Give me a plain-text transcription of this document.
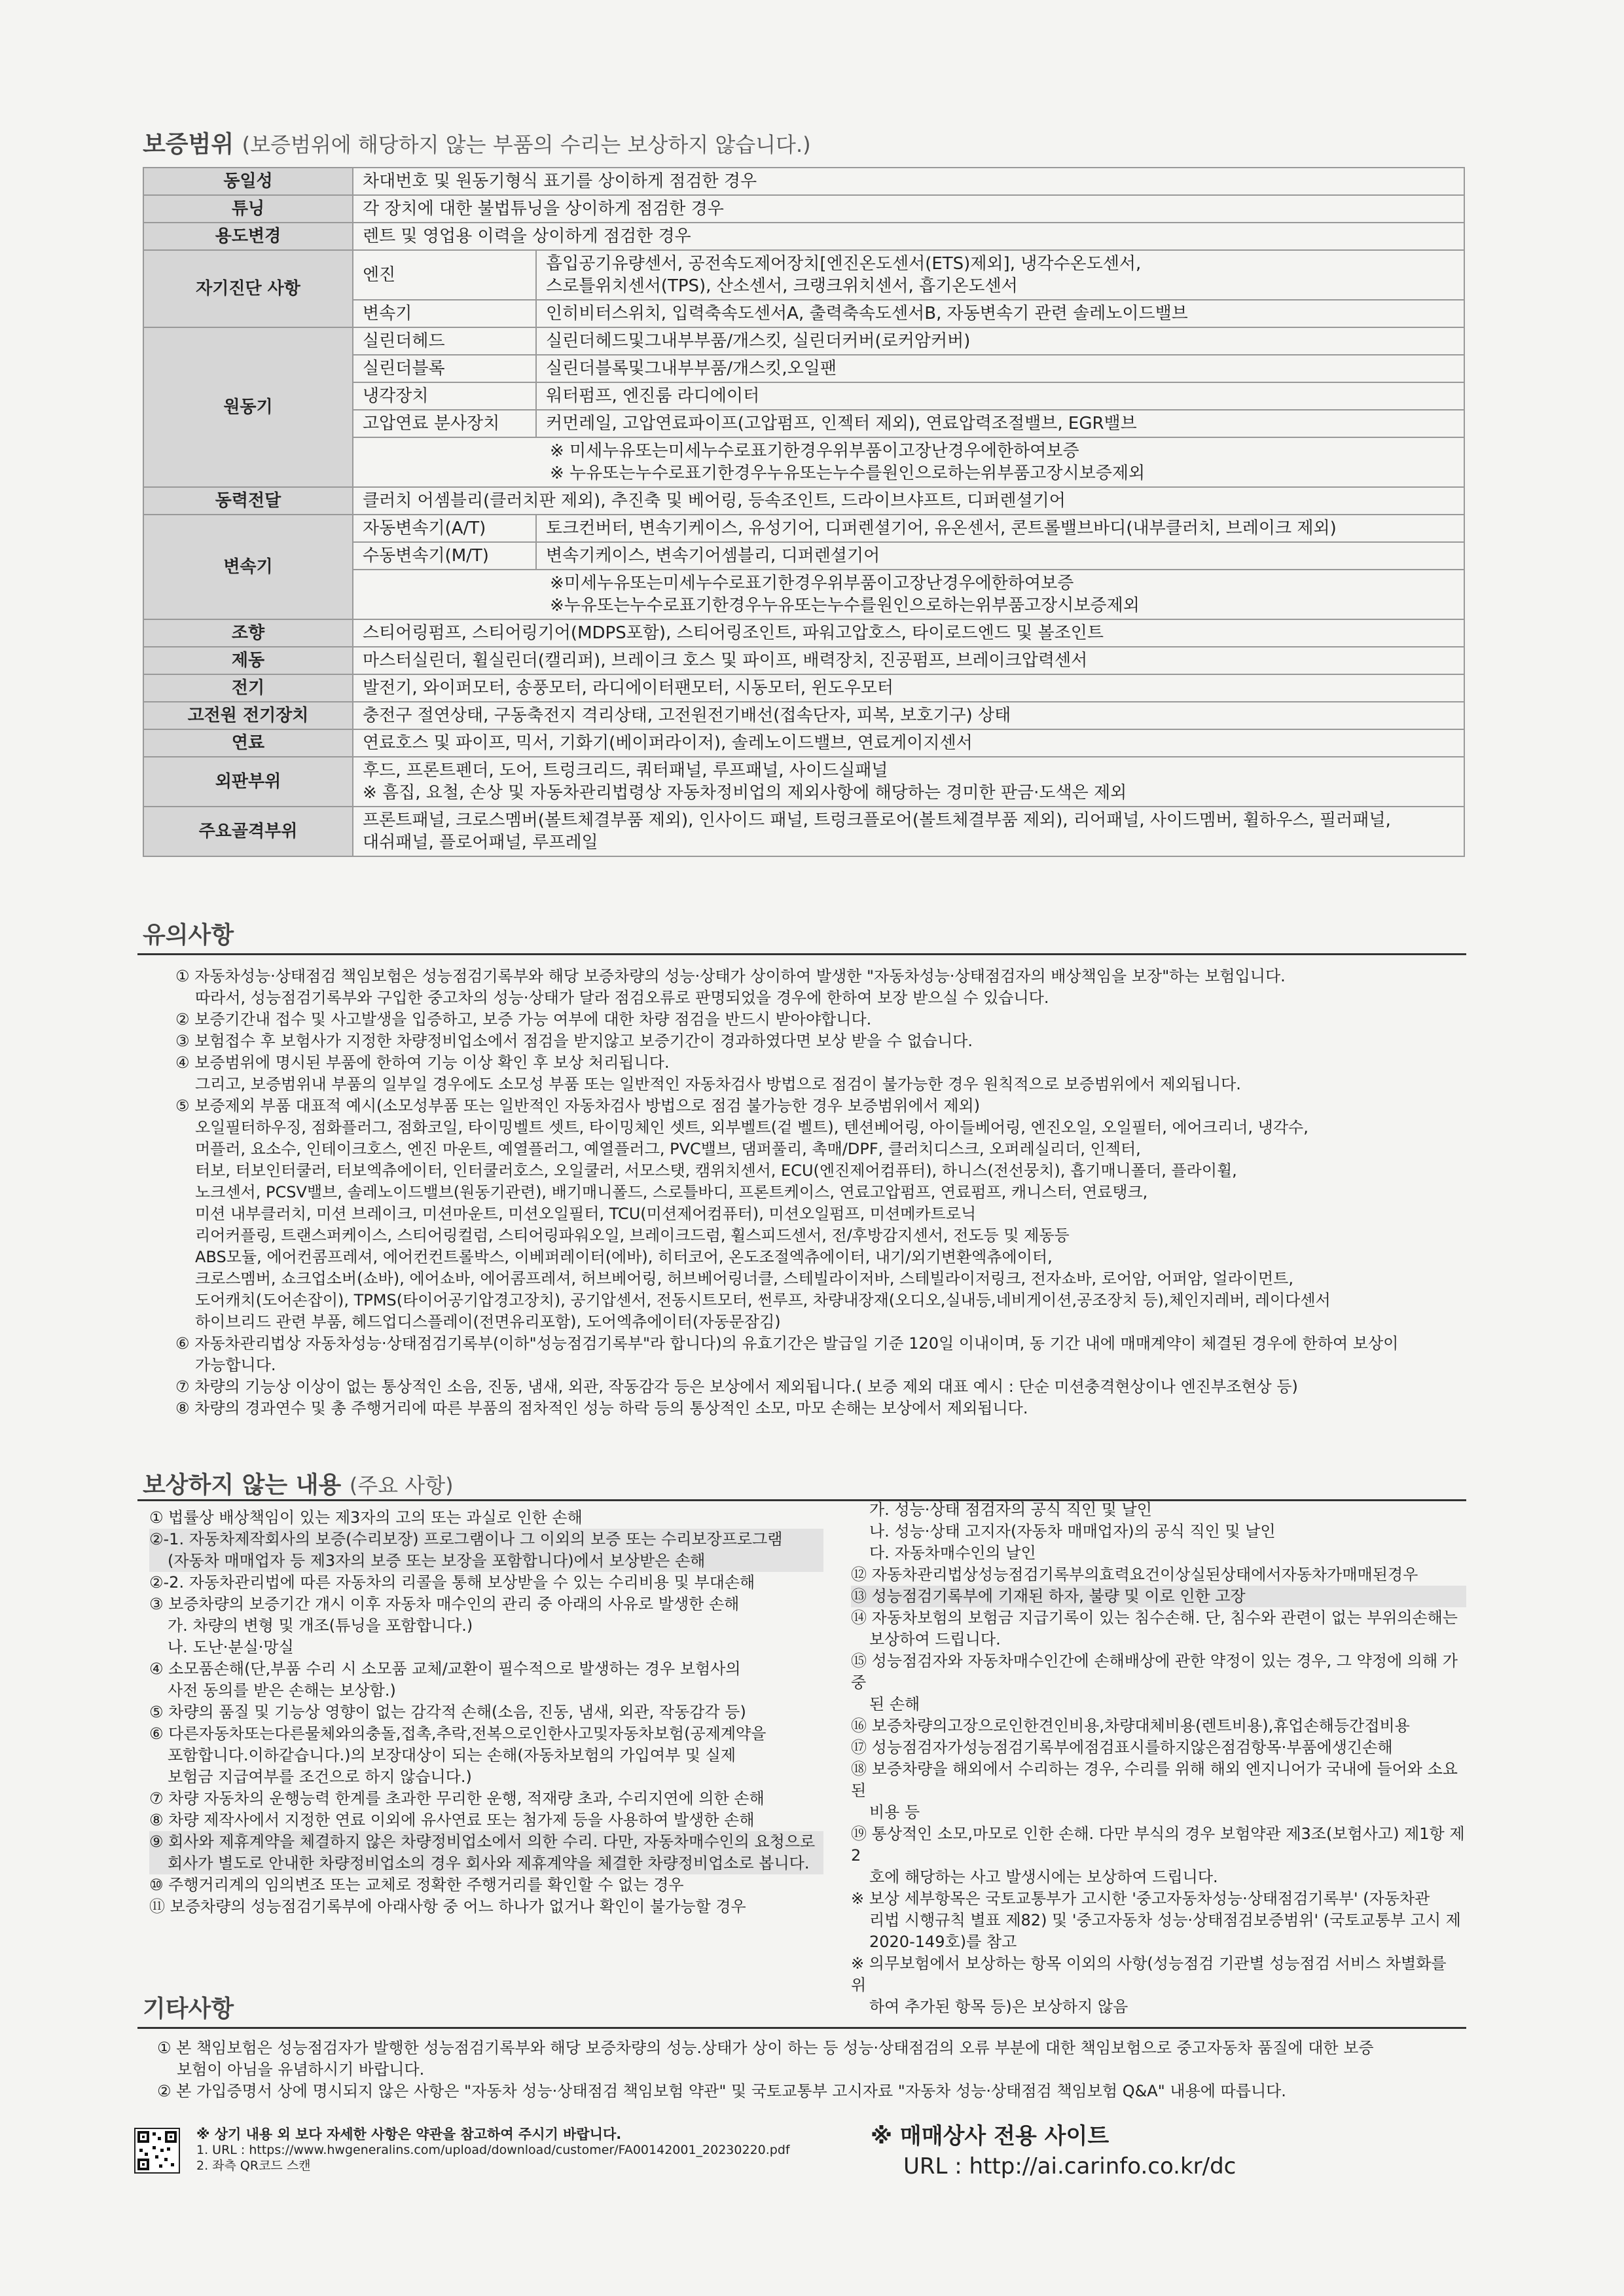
보증범위 (보증범위에 해당하지 않는 부품의 수리는 보상하지 않습니다.)
동일성	차대번호 및 원동기형식 표기를 상이하게 점검한 경우	
튜닝	각 장치에 대한 불법튜닝을 상이하게 점검한 경우	
용도변경	렌트 및 영업용 이력을 상이하게 점검한 경우	
자기진단 사항	엔진	흡입공기유량센서, 공전속도제어장치[엔진온도센서(ETS)제외], 냉각수온도센서,
스로틀위치센서(TPS), 산소센서, 크랭크위치센서, 흡기온도센서

	변속기	인히비터스위치, 입력축속도센서A, 출력축속도센서B, 자동변속기 관련 솔레노이드밸브
원동기	실린더헤드	실린더헤드및그내부부품/개스킷, 실린더커버(로커암커버)
	실린더블록	실린더블록및그내부부품/개스킷,오일팬
	냉각장치	워터펌프, 엔진룸 라디에이터
	고압연료 분사장치	커먼레일, 고압연료파이프(고압펌프, 인젝터 제외), 연료압력조절밸브, EGR밸브

	※ 미세누유또는미세누수로표기한경우위부품이고장난경우에한하여보증
※ 누유또는누수로표기한경우누유또는누수를원인으로하는위부품고장시보증제외	

동력전달	클러치 어셈블리(클러치판 제외), 추진축 및 베어링, 등속조인트, 드라이브샤프트, 디퍼렌셜기어	
변속기	자동변속기(A/T)	토크컨버터, 변속기케이스, 유성기어, 디퍼렌셜기어, 유온센서, 콘트롤밸브바디(내부클러치, 브레이크 제외)
	수동변속기(M/T)	변속기케이스, 변속기어셈블리, 디퍼렌셜기어

	※미세누유또는미세누수로표기한경우위부품이고장난경우에한하여보증
※누유또는누수로표기한경우누유또는누수를원인으로하는위부품고장시보증제외	

조향	스티어링펌프, 스티어링기어(MDPS포함), 스티어링조인트, 파워고압호스, 타이로드엔드 및 볼조인트	
제동	마스터실린더, 휠실린더(캘리퍼), 브레이크 호스 및 파이프, 배력장치, 진공펌프, 브레이크압력센서	
전기	발전기, 와이퍼모터, 송풍모터, 라디에이터팬모터, 시동모터, 윈도우모터	
고전원 전기장치	충전구 절연상태, 구동축전지 격리상태, 고전원전기배선(접속단자, 피복, 보호기구) 상태	
연료	연료호스 및 파이프, 믹서, 기화기(베이퍼라이저), 솔레노이드밸브, 연료게이지센서	
외판부위	후드, 프론트펜더, 도어, 트렁크리드, 쿼터패널, 루프패널, 사이드실패널
※ 흠집, 요철, 손상 및 자동차관리법령상 자동차정비업의 제외사항에 해당하는 경미한 판금·도색은 제외	

주요골격부위	프론트패널, 크로스멤버(볼트체결부품 제외), 인사이드 패널, 트렁크플로어(볼트체결부품 제외), 리어패널, 사이드멤버, 휠하우스, 필러패널,
대쉬패널, 플로어패널, 루프레일	
유의사항

① 자동차성능·상태점검 책임보험은 성능점검기록부와 해당 보증차량의 성능·상태가 상이하여 발생한 "자동차성능·상태점검자의 배상책임을 보장"하는 보험입니다.

따라서, 성능점검기록부와 구입한 중고차의 성능·상태가 달라 점검오류로 판명되었을 경우에 한하여 보장 받으실 수 있습니다.

② 보증기간내 접수 및 사고발생을 입증하고, 보증 가능 여부에 대한 차량 점검을 반드시 받아야합니다.

③ 보험접수 후 보험사가 지정한 차량정비업소에서 점검을 받지않고 보증기간이 경과하였다면 보상 받을 수 없습니다.

④ 보증범위에 명시된 부품에 한하여 기능 이상 확인 후 보상 처리됩니다.

그리고, 보증범위내 부품의 일부일 경우에도 소모성 부품 또는 일반적인 자동차검사 방법으로 점검이 불가능한 경우 원칙적으로 보증범위에서 제외됩니다.

⑤ 보증제외 부품 대표적 예시(소모성부품 또는 일반적인 자동차검사 방법으로 점검 불가능한 경우 보증범위에서 제외)

오일필터하우징, 점화플러그, 점화코일, 타이밍벨트 셋트, 타이밍체인 셋트, 외부벨트(겉 벨트), 텐션베어링, 아이들베어링, 엔진오일, 오일필터, 에어크리너, 냉각수,

머플러, 요소수, 인테이크호스, 엔진 마운트, 예열플러그, 예열플러그, PVC밸브, 댐퍼풀리, 촉매/DPF, 클러치디스크, 오퍼레실리더, 인젝터,

터보, 터보인터쿨러, 터보엑츄에이터, 인터쿨러호스, 오일쿨러, 서모스탯, 캠위치센서, ECU(엔진제어컴퓨터), 하니스(전선뭉치), 흡기매니폴더, 플라이휠,

노크센서, PCSV밸브, 솔레노이드밸브(원동기관련), 배기매니폴드, 스로틀바디, 프론트케이스, 연료고압펌프, 연료펌프, 캐니스터, 연료탱크,

미션 내부클러치, 미션 브레이크, 미션마운트, 미션오일필터, TCU(미션제어컴퓨터), 미션오일펌프, 미션메카트로닉

리어커플링, 트랜스퍼케이스, 스티어링컬럼, 스티어링파워오일, 브레이크드럼, 휠스피드센서, 전/후방감지센서, 전도등 및 제동등

ABS모듈, 에어컨콤프레셔, 에어컨컨트롤박스, 이베퍼레이터(에바), 히터코어, 온도조절엑츄에이터, 내기/외기변환엑츄에이터,

크로스멤버, 쇼크업소버(쇼바), 에어쇼바, 에어콤프레셔, 허브베어링, 허브베어링너클, 스테빌라이저바, 스테빌라이저링크, 전자쇼바, 로어암, 어퍼암, 얼라이먼트,

도어캐치(도어손잡이), TPMS(타이어공기압경고장치), 공기압센서, 전동시트모터, 썬루프, 차량내장재(오디오,실내등,네비게이션,공조장치 등),체인지레버, 레이다센서

하이브리드 관련 부품, 헤드업디스플레이(전면유리포함), 도어엑츄에이터(자동문잠김)

⑥ 자동차관리법상 자동차성능·상태점검기록부(이하"성능점검기록부"라 합니다)의 유효기간은 발급일 기준 120일 이내이며, 동 기간 내에 매매계약이 체결된 경우에 한하여 보상이

가능합니다.

⑦ 차량의 기능상 이상이 없는 통상적인 소음, 진동, 냄새, 외관, 작동감각 등은 보상에서 제외됩니다.( 보증 제외 대표 예시 : 단순 미션충격현상이나 엔진부조현상 등)

⑧ 차량의 경과연수 및 총 주행거리에 따른 부품의 점차적인 성능 하락 등의 통상적인 소모, 마모 손해는 보상에서 제외됩니다.

보상하지 않는 내용 (주요 사항)

① 법률상 배상책임이 있는 제3자의 고의 또는 과실로 인한 손해

②-1. 자동차제작회사의 보증(수리보장) 프로그램이나 그 이외의 보증 또는 수리보장프로그램

(자동차 매매업자 등 제3자의 보증 또는 보장을 포함합니다)에서 보상받은 손해

②-2. 자동차관리법에 따른 자동차의 리콜을 통해 보상받을 수 있는 수리비용 및 부대손해

③ 보증차량의 보증기간 개시 이후 자동차 매수인의 관리 중 아래의 사유로 발생한 손해

가. 차량의 변형 및 개조(튜닝을 포함합니다.)

나. 도난·분실·망실

④ 소모품손해(단,부품 수리 시 소모품 교체/교환이 필수적으로 발생하는 경우 보험사의

사전 동의를 받은 손해는 보상함.)

⑤ 차량의 품질 및 기능상 영향이 없는 감각적 손해(소음, 진동, 냄새, 외관, 작동감각 등)

⑥ 다른자동차또는다른물체와의충돌,접촉,추락,전복으로인한사고및자동차보험(공제계약을

포함합니다.이하같습니다.)의 보장대상이 되는 손해(자동차보험의 가입여부 및 실제

보험금 지급여부를 조건으로 하지 않습니다.)

⑦ 차량 자동차의 운행능력 한계를 초과한 무리한 운행, 적재량 초과, 수리지연에 의한 손해

⑧ 차량 제작사에서 지정한 연료 이외에 유사연료 또는 첨가제 등을 사용하여 발생한 손해

⑨ 회사와 제휴계약을 체결하지 않은 차량정비업소에서 의한 수리. 다만, 자동차매수인의 요청으로

회사가 별도로 안내한 차량정비업소의 경우 회사와 제휴계약을 체결한 차량정비업소로 봅니다.

⑩ 주행거리계의 임의변조 또는 교체로 정확한 주행거리를 확인할 수 없는 경우

⑪ 보증차량의 성능점검기록부에 아래사항 중 어느 하나가 없거나 확인이 불가능할 경우

가. 성능·상태 점검자의 공식 직인 및 날인

나. 성능·상태 고지자(자동차 매매업자)의 공식 직인 및 날인

다. 자동차매수인의 날인

⑫ 자동차관리법상성능점검기록부의효력요건이상실된상태에서자동차가매매된경우

⑬ 성능점검기록부에 기재된 하자, 불량 및 이로 인한 고장

⑭ 자동차보험의 보험금 지급기록이 있는 침수손해. 단, 침수와 관련이 없는 부위의손해는

보상하여 드립니다.

⑮ 성능점검자와 자동차매수인간에 손해배상에 관한 약정이 있는 경우, 그 약정에 의해 가중

된 손해

⑯ 보증차량의고장으로인한견인비용,차량대체비용(렌트비용),휴업손해등간접비용

⑰ 성능점검자가성능점검기록부에점검표시를하지않은점검항목·부품에생긴손해

⑱ 보증차량을 해외에서 수리하는 경우, 수리를 위해 해외 엔지니어가 국내에 들어와 소요된

비용 등

⑲ 통상적인 소모,마모로 인한 손해. 다만 부식의 경우 보험약관 제3조(보험사고) 제1항 제2

호에 해당하는 사고 발생시에는 보상하여 드립니다.

※ 보상 세부항목은 국토교통부가 고시한 '중고자동차성능·상태점검기록부' (자동차관

리법 시행규칙 별표 제82) 및 '중고자동차 성능·상태점검보증범위' (국토교통부 고시 제

2020-149호)를 참고

※ 의무보험에서 보상하는 항목 이외의 사항(성능점검 기관별 성능점검 서비스 차별화를 위

하여 추가된 항목 등)은 보상하지 않음

기타사항

① 본 책임보험은 성능점검자가 발행한 성능점검기록부와 해당 보증차량의 성능.상태가 상이 하는 등 성능·상태점검의 오류 부분에 대한 책임보험으로 중고자동차 품질에 대한 보증

보험이 아님을 유념하시기 바랍니다.

② 본 가입증명서 상에 명시되지 않은 사항은 "자동차 성능·상태점검 책임보험 약관" 및 국토교통부 고시자료 "자동차 성능·상태점검 책임보험 Q&A" 내용에 따릅니다.

※ 상기 내용 외 보다 자세한 사항은 약관을 참고하여 주시기 바랍니다.

1. URL : https://www.hwgeneralins.com/upload/download/customer/FA00142001_20230220.pdf

2. 좌측 QR코드 스캔

※ 매매상사 전용 사이트

URL : http://ai.carinfo.co.kr/dc
